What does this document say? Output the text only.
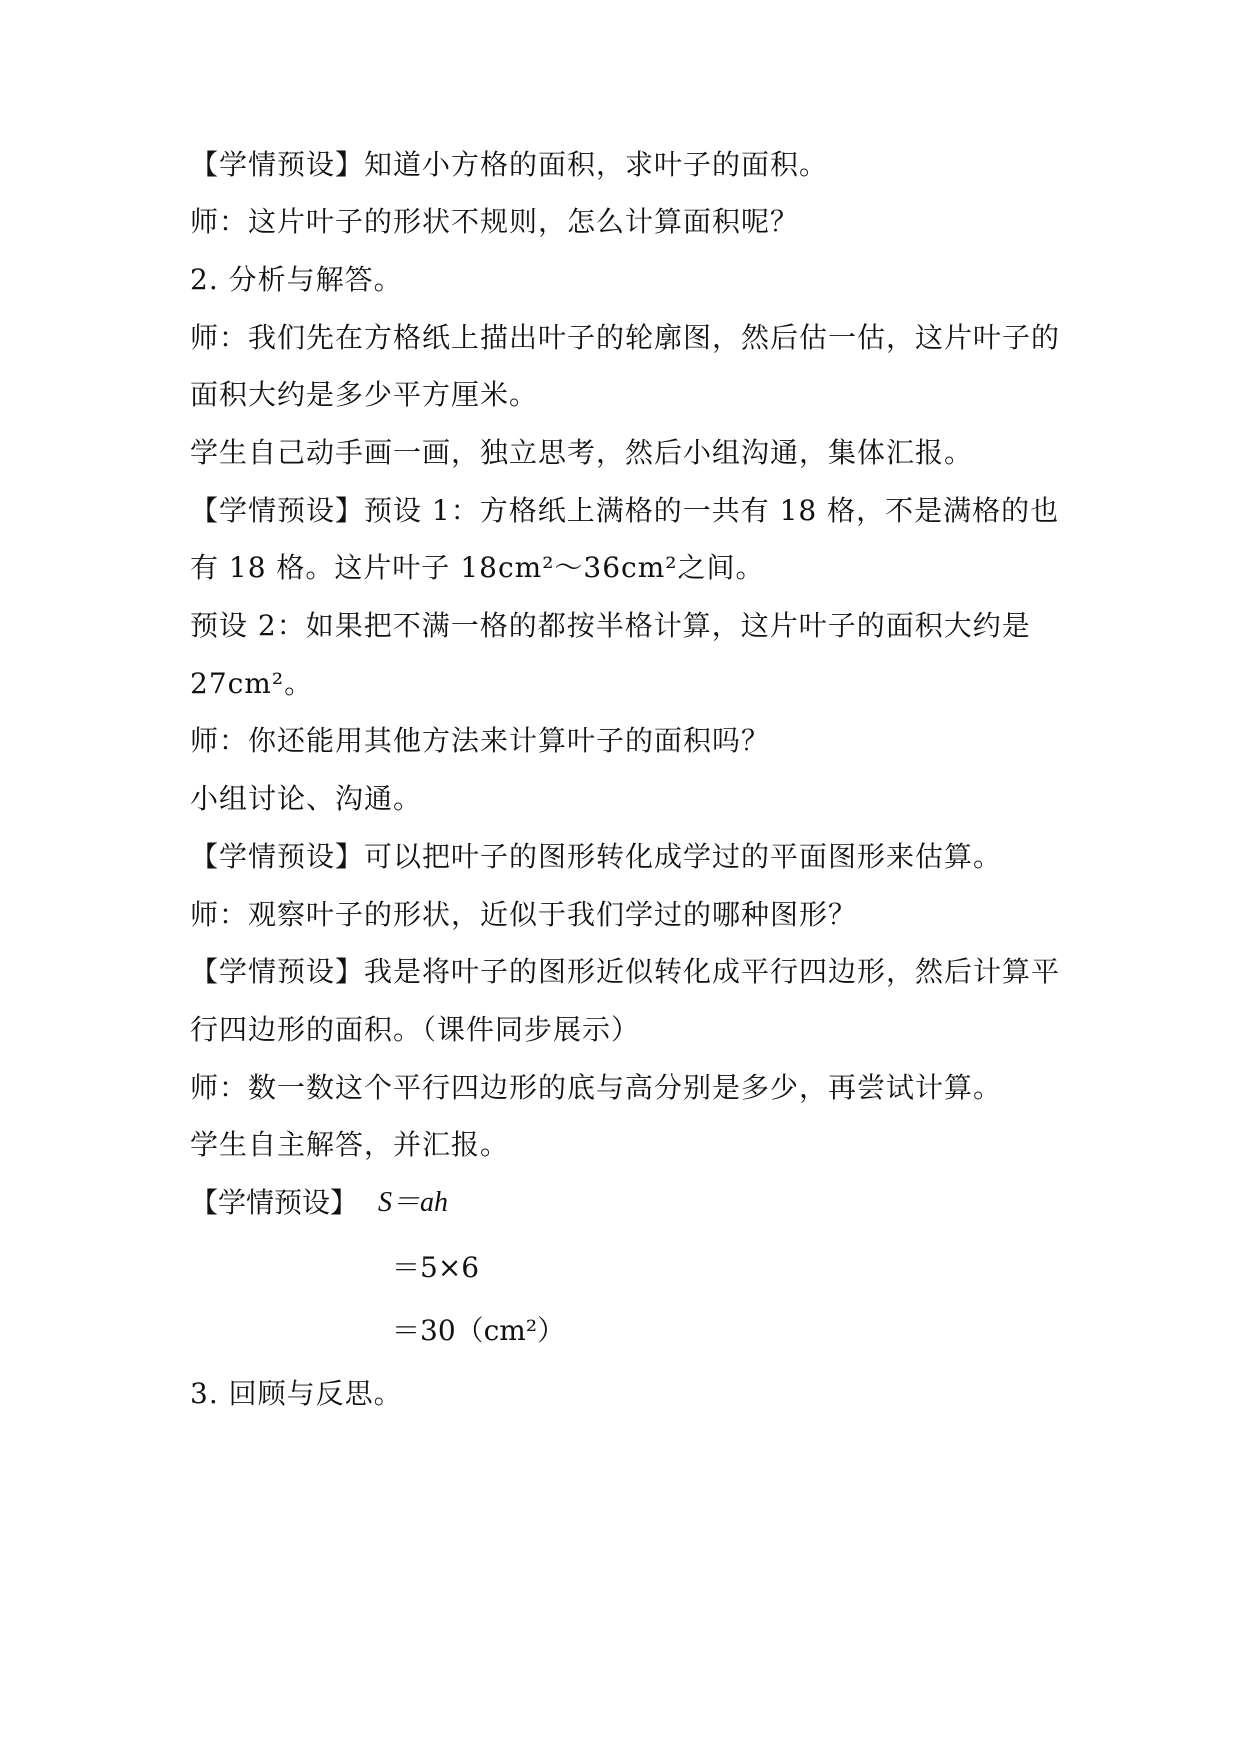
【学情预设】知道小方格的面积，求叶子的面积。
师：这片叶子的形状不规则，怎么计算面积呢？
2. 分析与解答。
师：我们先在方格纸上描出叶子的轮廓图，然后估一估，这片叶子的
面积大约是多少平方厘米。
学生自己动手画一画，独立思考，然后小组沟通，集体汇报。
【学情预设】预设 1：方格纸上满格的一共有 18 格，不是满格的也
有 18 格。这片叶子 18cm²～36cm²之间。
预设 2：如果把不满一格的都按半格计算，这片叶子的面积大约是
27cm²。
师：你还能用其他方法来计算叶子的面积吗？
小组讨论、沟通。
【学情预设】可以把叶子的图形转化成学过的平面图形来估算。
师：观察叶子的形状，近似于我们学过的哪种图形？
【学情预设】我是将叶子的图形近似转化成平行四边形，然后计算平
行四边形的面积。（课件同步展示）
师：数一数这个平行四边形的底与高分别是多少，再尝试计算。
学生自主解答，并汇报。
【学情预设】 S＝ah
＝5×6
＝30（cm²）
3. 回顾与反思。
